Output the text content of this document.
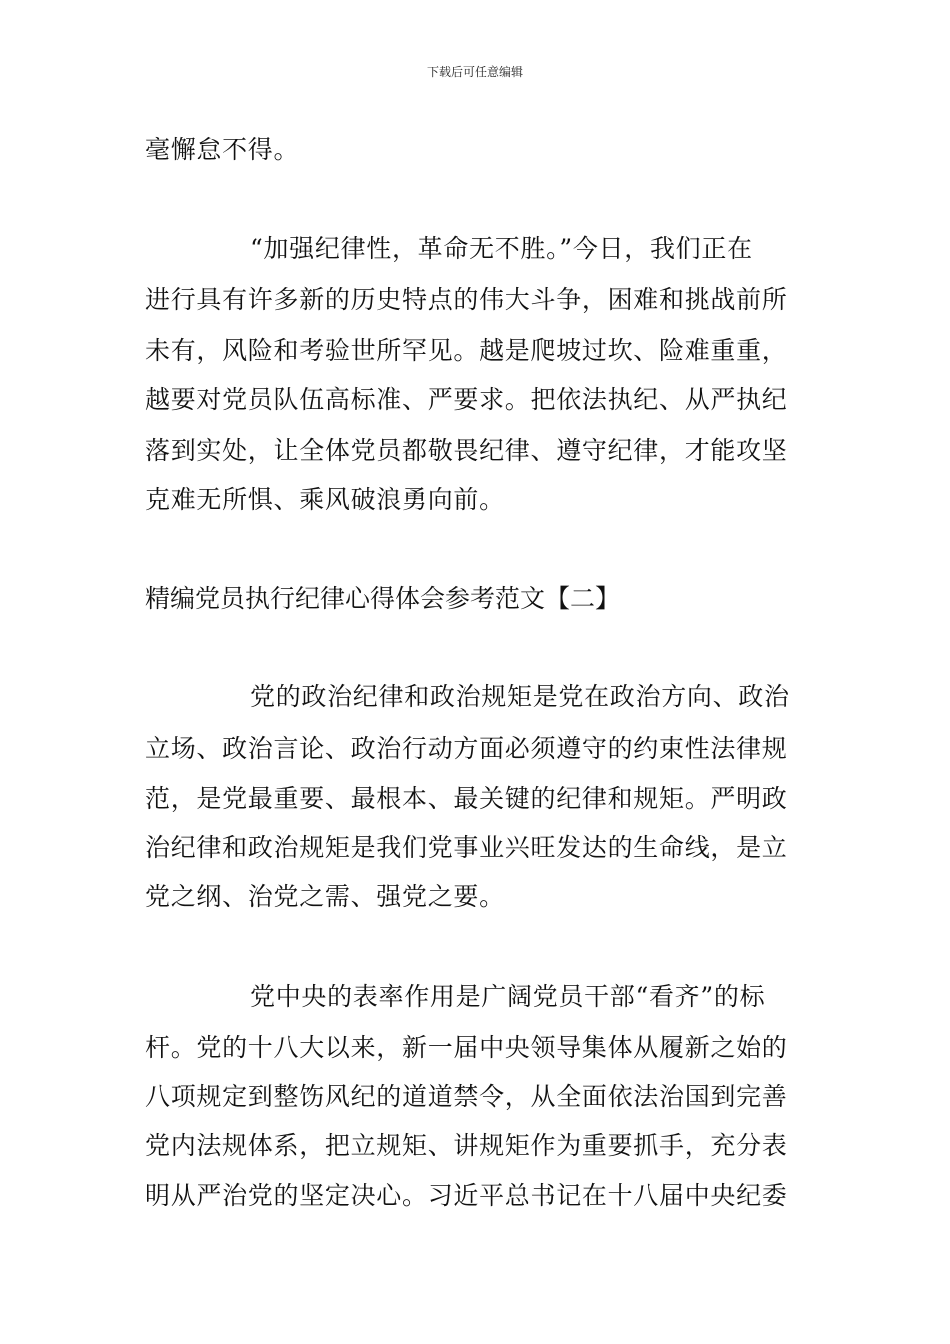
下载后可任意编辑
毫懈怠不得。
“加强纪律性，革命无不胜。”今日，我们正在
进行具有许多新的历史特点的伟大斗争，困难和挑战前所
未有，风险和考验世所罕见。越是爬坡过坎、险难重重，
越要对党员队伍高标准、严要求。把依法执纪、从严执纪
落到实处，让全体党员都敬畏纪律、遵守纪律，才能攻坚
克难无所惧、乘风破浪勇向前。
精编党员执行纪律心得体会参考范文【二】
党的政治纪律和政治规矩是党在政治方向、政治
立场、政治言论、政治行动方面必须遵守的约束性法律规
范，是党最重要、最根本、最关键的纪律和规矩。严明政
治纪律和政治规矩是我们党事业兴旺发达的生命线，是立
党之纲、治党之需、强党之要。
党中央的表率作用是广阔党员干部“看齐”的标
杆。党的十八大以来，新一届中央领导集体从履新之始的
八项规定到整饬风纪的道道禁令，从全面依法治国到完善
党内法规体系，把立规矩、讲规矩作为重要抓手，充分表
明从严治党的坚定决心。习近平总书记在十八届中央纪委
